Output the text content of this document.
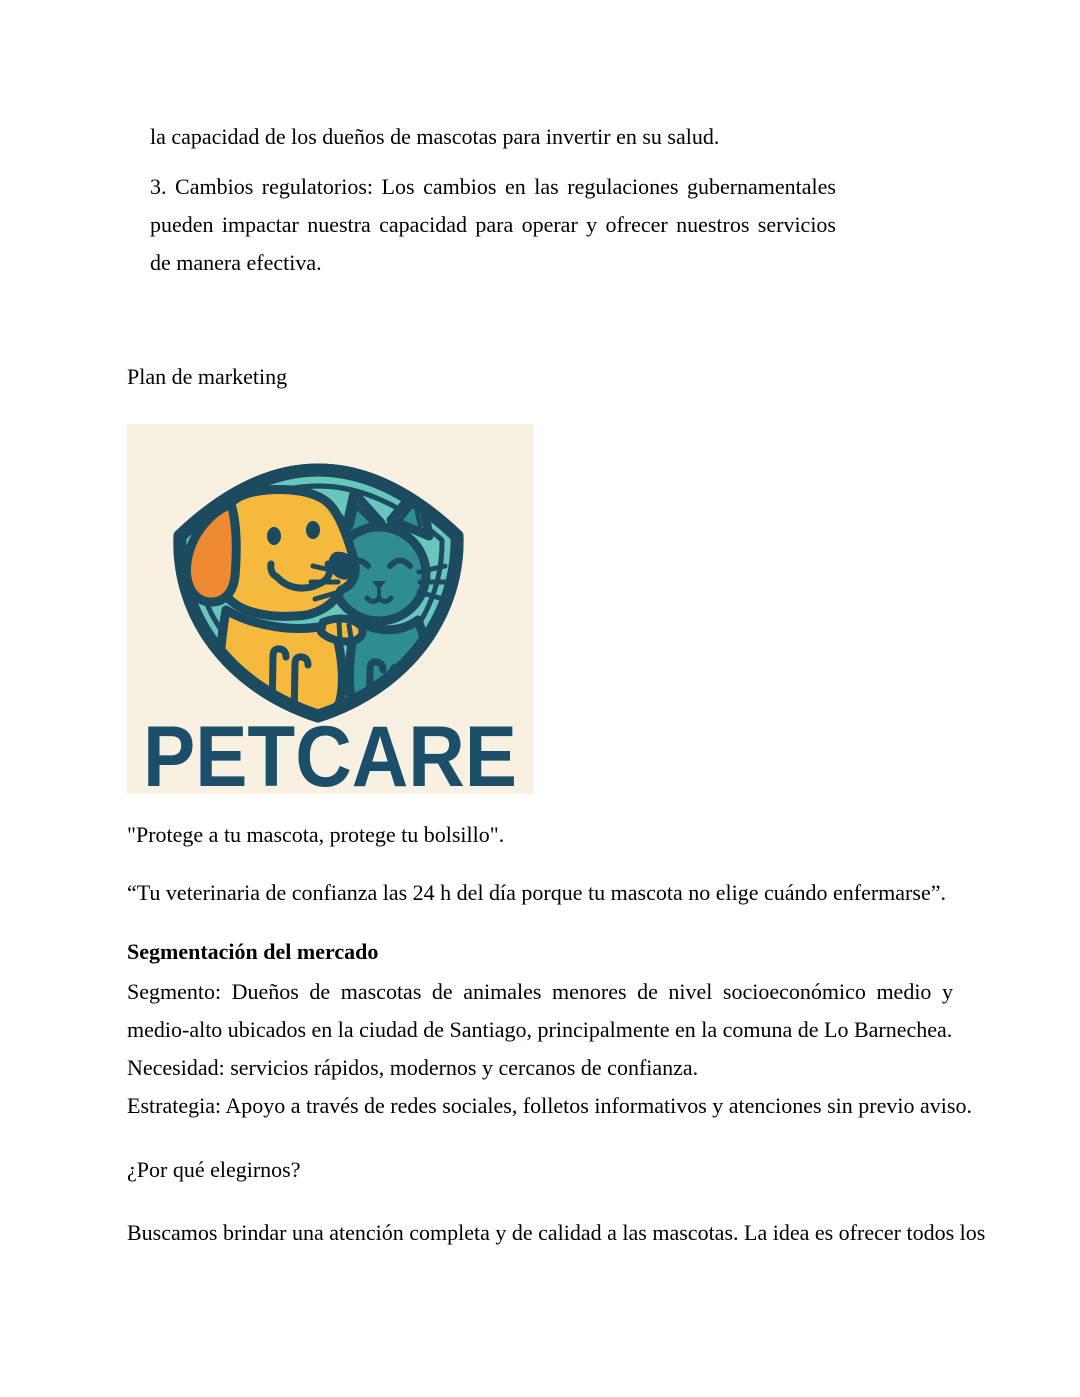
la capacidad de los dueños de mascotas para invertir en su salud.

3. Cambios regulatorios: Los cambios en las regulaciones gubernamentales pueden impactar nuestra capacidad para operar y ofrecer nuestros servicios de manera efectiva.

Plan de marketing

PETCARE

"Protege a tu mascota, protege tu bolsillo".

“Tu veterinaria de confianza las 24 h del día porque tu mascota no elige cuándo enfermarse”.

Segmentación del mercado

Segmento: Dueños de mascotas de animales menores de nivel socioeconómico medio y medio-alto ubicados en la ciudad de Santiago, principalmente en la comuna de Lo Barnechea.

Necesidad: servicios rápidos, modernos y cercanos de confianza.

Estrategia: Apoyo a través de redes sociales, folletos informativos y atenciones sin previo aviso.

¿Por qué elegirnos?

Buscamos brindar una atención completa y de calidad a las mascotas. La idea es ofrecer todos los
